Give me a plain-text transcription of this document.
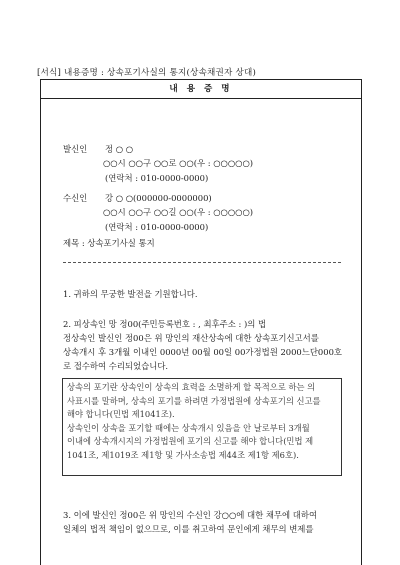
[서식] 내용증명 : 상속포기사실의 통지(상속채권자 상대)
내 용 증 명
발신인 정 ○ ○
○○시 ○○구 ○○로 ○○(우 : ○○○○○)
(연락처 : 010-0000-0000)
수신인 강 ○ ○(000000-0000000)
○○시 ○○구 ○○길 ○○(우 : ○○○○○)
(연락처 : 010-0000-0000)
제목 : 상속포기사실 통지
1. 귀하의 무궁한 발전을 기원합니다.
2. 피상속인 망 정00(주민등록번호 : , 최후주소 : )의 법
정상속인 발신인 정00은 위 망인의 재산상속에 대한 상속포기신고서를
상속개시 후 3개월 이내인 0000년 00월 00일 00가정법원 2000느단000호
로 접수하여 수리되었습니다.
상속의 포기란 상속인이 상속의 효력을 소멸하게 할 목적으로 하는 의
사표시를 말하며, 상속의 포기를 하려면 가정법원에 상속포기의 신고를
해야 합니다(민법 제1041조).
상속인이 상속을 포기할 때에는 상속개시 있음을 안 날로부터 3개월
이내에 상속개시지의 가정법원에 포기의 신고를 해야 합니다(민법 제
1041조, 제1019조 제1항 및 가사소송법 제44조 제1항 제6호).
3. 이에 발신인 정00은 위 망인의 수신인 강○○에 대한 채무에 대하여
일체의 법적 책임이 없으므로, 이를 취고하여 문인에게 채무의 변제를
